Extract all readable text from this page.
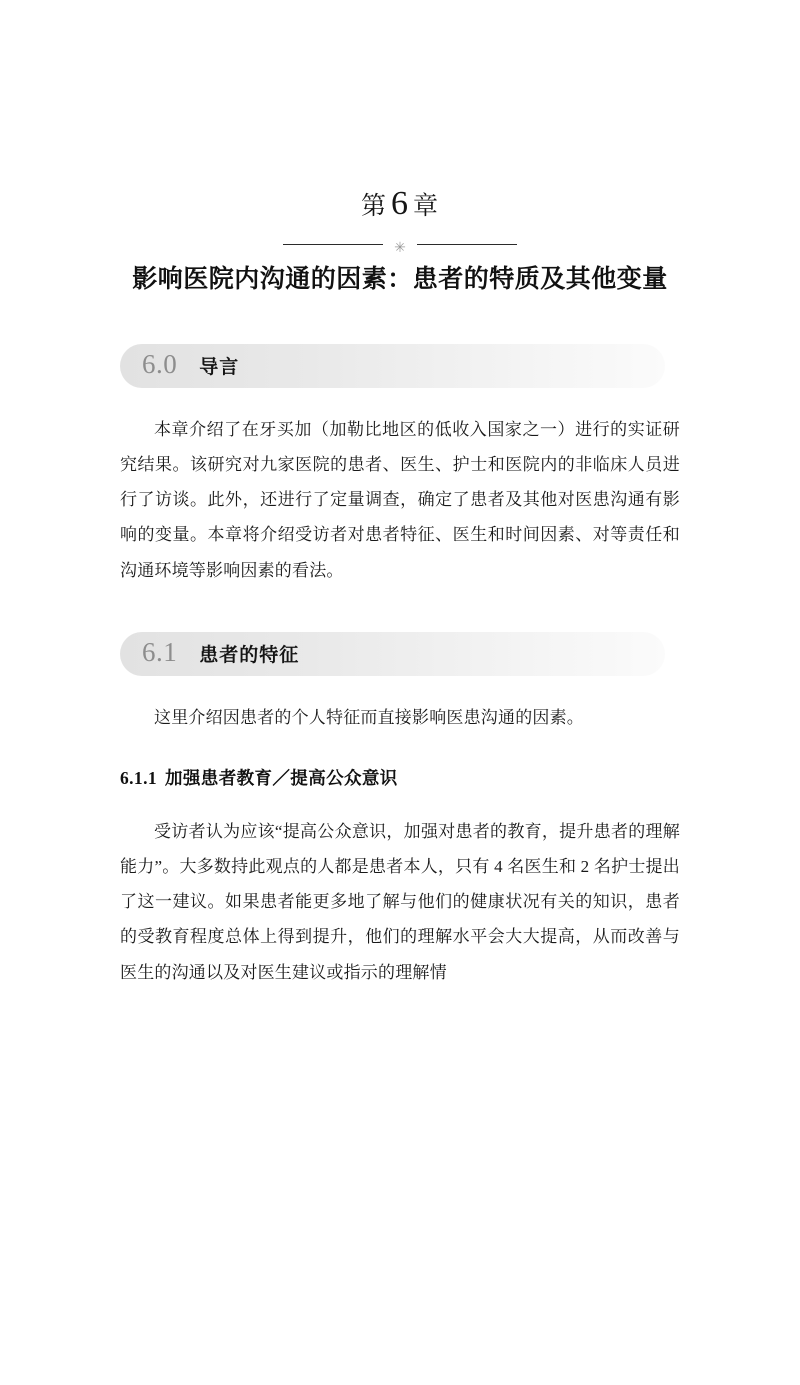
第 6 章
✳
影响医院内沟通的因素：患者的特质及其他变量
6.0 导言

本章介绍了在牙买加（加勒比地区的低收入国家之一）进行的实证研究结果。该研究对九家医院的患者、医生、护士和医院内的非临床人员进行了访谈。此外，还进行了定量调查，确定了患者及其他对医患沟通有影响的变量。本章将介绍受访者对患者特征、医生和时间因素、对等责任和沟通环境等影响因素的看法。

6.1 患者的特征

这里介绍因患者的个人特征而直接影响医患沟通的因素。

6.1.1 加强患者教育／提高公众意识

受访者认为应该“提高公众意识，加强对患者的教育，提升患者的理解能力”。大多数持此观点的人都是患者本人，只有 4 名医生和 2 名护士提出了这一建议。如果患者能更多地了解与他们的健康状况有关的知识，患者的受教育程度总体上得到提升，他们的理解水平会大大提高，从而改善与医生的沟通以及对医生建议或指示的理解情
